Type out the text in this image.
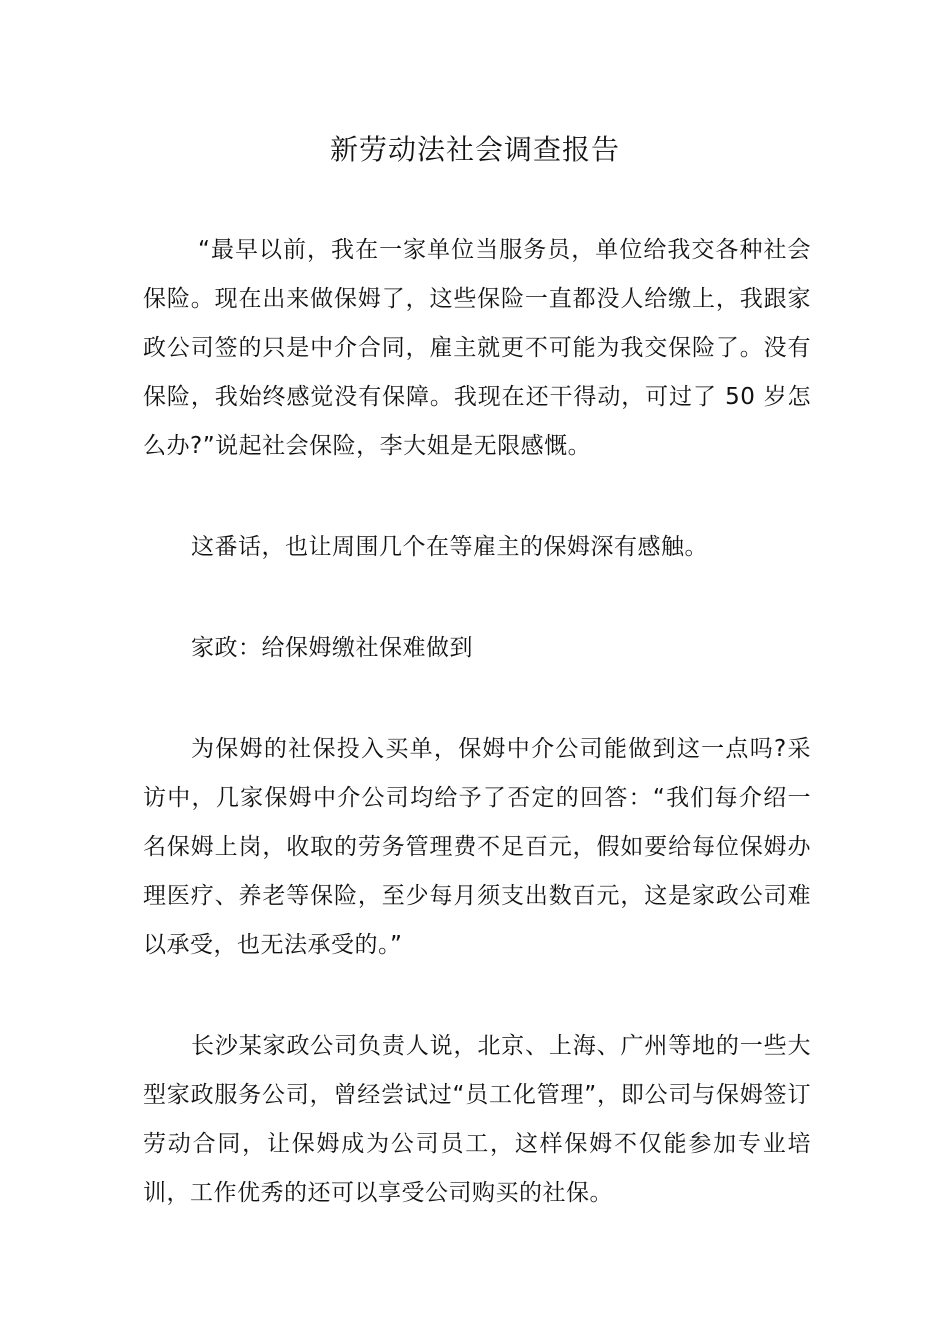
新劳动法社会调查报告

“最早以前，我在一家单位当服务员，单位给我交各种社会保险。现在出来做保姆了，这些保险一直都没人给缴上，我跟家政公司签的只是中介合同，雇主就更不可能为我交保险了。没有保险，我始终感觉没有保障。我现在还干得动，可过了 50 岁怎么办?”说起社会保险，李大姐是无限感慨。

这番话，也让周围几个在等雇主的保姆深有感触。

家政：给保姆缴社保难做到

为保姆的社保投入买单，保姆中介公司能做到这一点吗?采访中，几家保姆中介公司均给予了否定的回答：“我们每介绍一名保姆上岗，收取的劳务管理费不足百元，假如要给每位保姆办理医疗、养老等保险，至少每月须支出数百元，这是家政公司难以承受，也无法承受的。”

长沙某家政公司负责人说，北京、上海、广州等地的一些大型家政服务公司，曾经尝试过“员工化管理”，即公司与保姆签订劳动合同，让保姆成为公司员工，这样保姆不仅能参加专业培训，工作优秀的还可以享受公司购买的社保。
